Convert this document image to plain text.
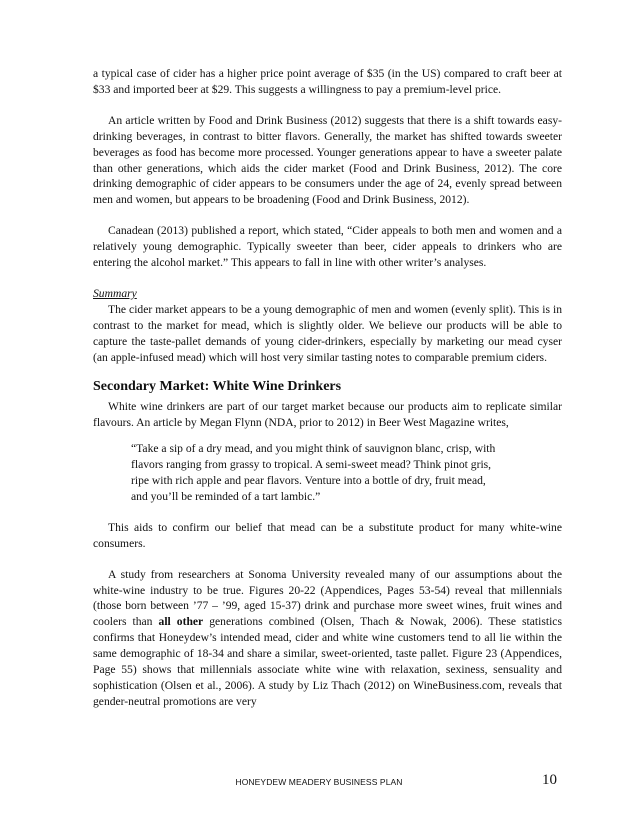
a typical case of cider has a higher price point average of $35 (in the US) compared to craft beer at $33 and imported beer at $29. This suggests a willingness to pay a premium-level price.

An article written by Food and Drink Business (2012) suggests that there is a shift towards easy-drinking beverages, in contrast to bitter flavors. Generally, the market has shifted towards sweeter beverages as food has become more processed. Younger generations appear to have a sweeter palate than other generations, which aids the cider market (Food and Drink Business, 2012). The core drinking demographic of cider appears to be consumers under the age of 24, evenly spread between men and women, but appears to be broadening (Food and Drink Business, 2012).

Canadean (2013) published a report, which stated, “Cider appeals to both men and women and a relatively young demographic. Typically sweeter than beer, cider appeals to drinkers who are entering the alcohol market.” This appears to fall in line with other writer’s analyses.

Summary

The cider market appears to be a young demographic of men and women (evenly split). This is in contrast to the market for mead, which is slightly older. We believe our products will be able to capture the taste-pallet demands of young cider-drinkers, especially by marketing our mead cyser (an apple-infused mead) which will host very similar tasting notes to comparable premium ciders.

Secondary Market: White Wine Drinkers

White wine drinkers are part of our target market because our products aim to replicate similar flavours. An article by Megan Flynn (NDA, prior to 2012) in Beer West Magazine writes,

“Take a sip of a dry mead, and you might think of sauvignon blanc, crisp, with
flavors ranging from grassy to tropical. A semi-sweet mead? Think pinot gris,
ripe with rich apple and pear flavors. Venture into a bottle of dry, fruit mead,
and you’ll be reminded of a tart lambic.”

This aids to confirm our belief that mead can be a substitute product for many white-wine consumers.

A study from researchers at Sonoma University revealed many of our assumptions about the white-wine industry to be true. Figures 20-22 (Appendices, Pages 53-54) reveal that millennials (those born between ’77 – ’99, aged 15-37) drink and purchase more sweet wines, fruit wines and coolers than all other generations combined (Olsen, Thach & Nowak, 2006). These statistics confirms that Honeydew’s intended mead, cider and white wine customers tend to all lie within the same demographic of 18-34 and share a similar, sweet-oriented, taste pallet. Figure 23 (Appendices, Page 55) shows that millennials associate white wine with relaxation, sexiness, sensuality and sophistication (Olsen et al., 2006). A study by Liz Thach (2012) on WineBusiness.com, reveals that gender-neutral promotions are very

HONEYDEW MEADERY BUSINESS PLAN	10
